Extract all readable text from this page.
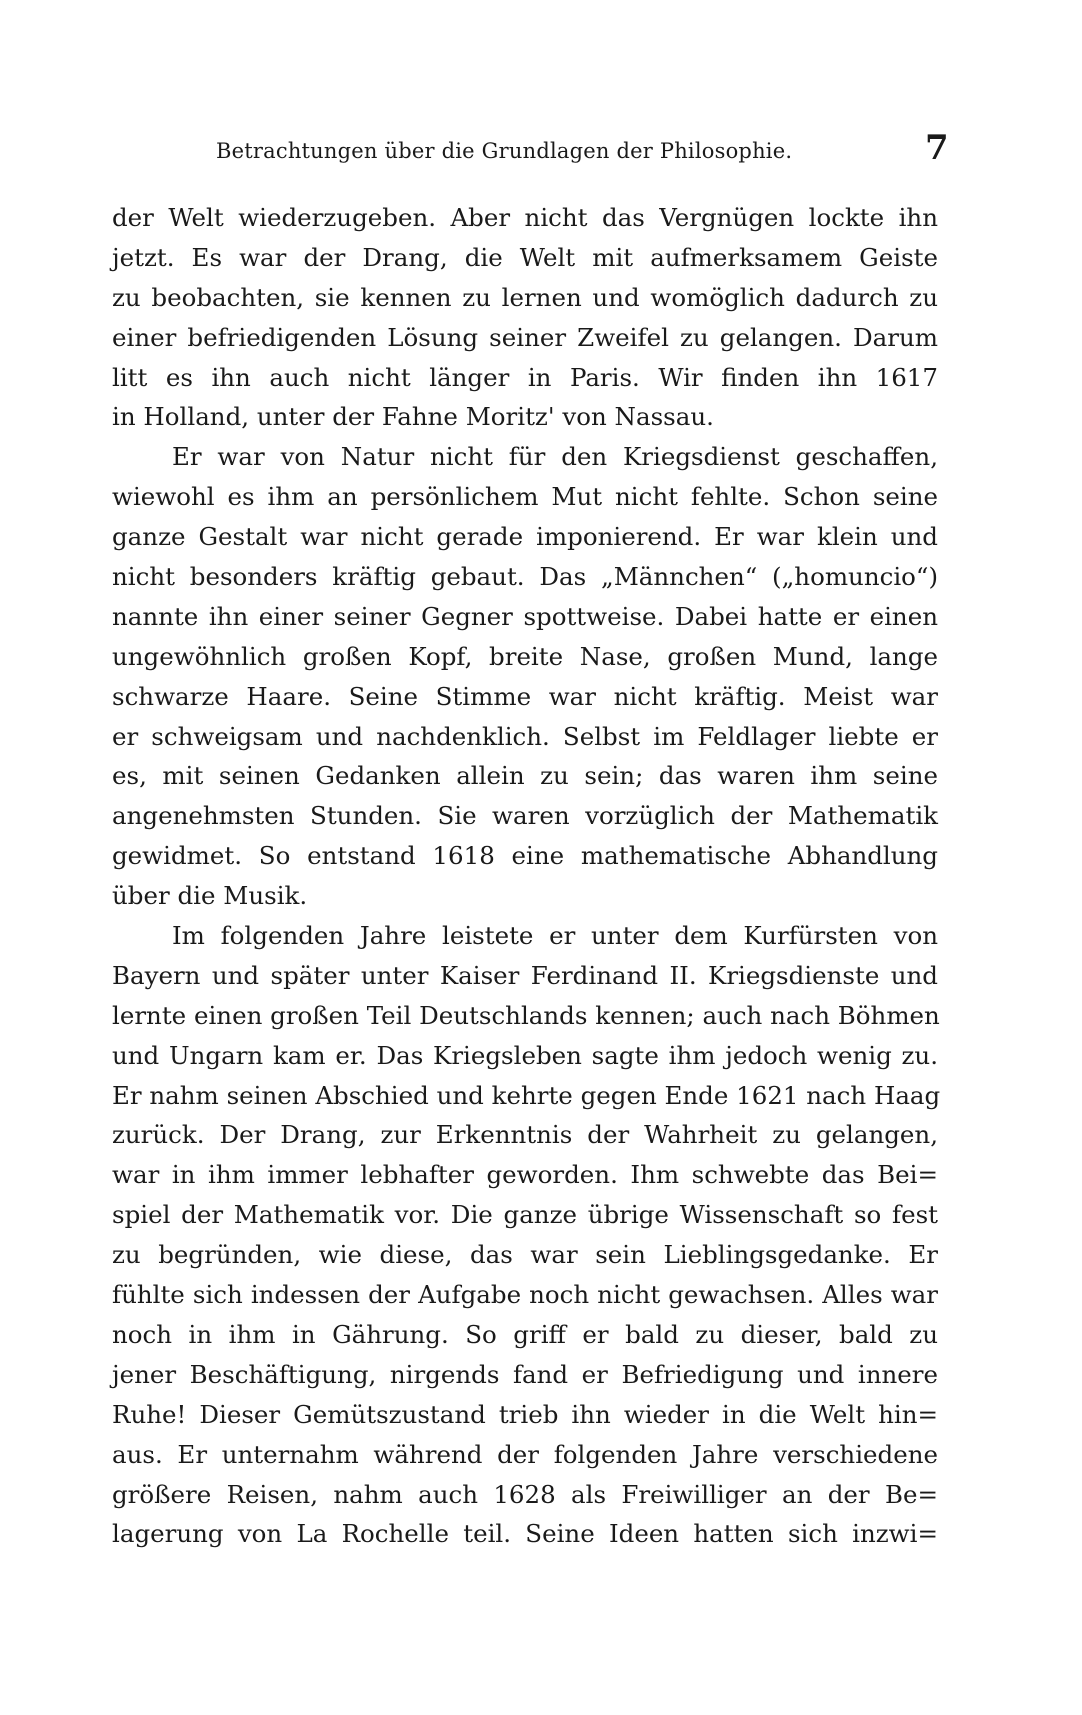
Betrachtungen über die Grundlagen der Philosophie.	7
der Welt wiederzugeben. Aber nicht das Vergnügen lockte ihn
jetzt. Es war der Drang, die Welt mit aufmerksamem Geiste
zu beobachten, sie kennen zu lernen und womöglich dadurch zu
einer befriedigenden Lösung seiner Zweifel zu gelangen. Darum
litt es ihn auch nicht länger in Paris. Wir finden ihn 1617
in Holland, unter der Fahne Moritz' von Nassau.
Er war von Natur nicht für den Kriegsdienst geschaffen,
wiewohl es ihm an persönlichem Mut nicht fehlte. Schon seine
ganze Gestalt war nicht gerade imponierend. Er war klein und
nicht besonders kräftig gebaut. Das „Männchen“ („homuncio“)
nannte ihn einer seiner Gegner spottweise. Dabei hatte er einen
ungewöhnlich großen Kopf, breite Nase, großen Mund, lange
schwarze Haare. Seine Stimme war nicht kräftig. Meist war
er schweigsam und nachdenklich. Selbst im Feldlager liebte er
es, mit seinen Gedanken allein zu sein; das waren ihm seine
angenehmsten Stunden. Sie waren vorzüglich der Mathematik
gewidmet. So entstand 1618 eine mathematische Abhandlung
über die Musik.
Im folgenden Jahre leistete er unter dem Kurfürsten von
Bayern und später unter Kaiser Ferdinand II. Kriegsdienste und
lernte einen großen Teil Deutschlands kennen; auch nach Böhmen
und Ungarn kam er. Das Kriegsleben sagte ihm jedoch wenig zu.
Er nahm seinen Abschied und kehrte gegen Ende 1621 nach Haag
zurück. Der Drang, zur Erkenntnis der Wahrheit zu gelangen,
war in ihm immer lebhafter geworden. Ihm schwebte das Bei=
spiel der Mathematik vor. Die ganze übrige Wissenschaft so fest
zu begründen, wie diese, das war sein Lieblingsgedanke. Er
fühlte sich indessen der Aufgabe noch nicht gewachsen. Alles war
noch in ihm in Gährung. So griff er bald zu dieser, bald zu
jener Beschäftigung, nirgends fand er Befriedigung und innere
Ruhe! Dieser Gemütszustand trieb ihn wieder in die Welt hin=
aus. Er unternahm während der folgenden Jahre verschiedene
größere Reisen, nahm auch 1628 als Freiwilliger an der Be=
lagerung von La Rochelle teil. Seine Ideen hatten sich inzwi=
